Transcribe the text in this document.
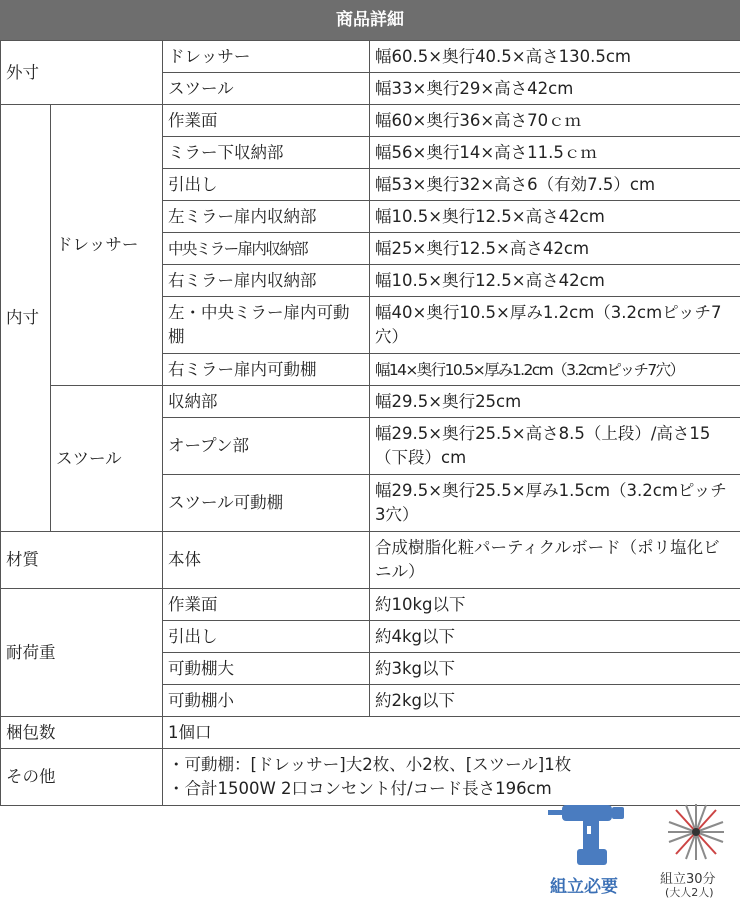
商品詳細
外寸		ドレッサー	幅60.5×奥行40.5×高さ130.5cm
		スツール	幅33×奥行29×高さ42cm
内寸	ドレッサー	作業面	幅60×奥行36×高さ70ｃｍ
		ミラー下収納部	幅56×奥行14×高さ11.5ｃｍ
		引出し	幅53×奥行32×高さ6（有効7.5）cm
		左ミラー扉内収納部	幅10.5×奥行12.5×高さ42cm
		中央ミラー扉内収納部	幅25×奥行12.5×高さ42cm
		右ミラー扉内収納部	幅10.5×奥行12.5×高さ42cm
		左・中央ミラー扉内可動棚	幅40×奥行10.5×厚み1.2cm（3.2cmピッチ7穴）
		右ミラー扉内可動棚	幅14×奥行10.5×厚み1.2cm（3.2cmピッチ7穴）
	スツール	収納部	幅29.5×奥行25cm
		オープン部	幅29.5×奥行25.5×高さ8.5（上段）/高さ15（下段）cm
		スツール可動棚	幅29.5×奥行25.5×厚み1.5cm（3.2cmピッチ3穴）
材質		本体	合成樹脂化粧パーティクルボード（ポリ塩化ビニル）
耐荷重		作業面	約10kg以下
		引出し	約4kg以下
		可動棚大	約3kg以下
		可動棚小	約2kg以下
梱包数		1個口	
その他		・可動棚：[ドレッサー]大2枚、小2枚、[スツール]1枚
・合計1500W 2口コンセント付/コード長さ196cm	
組立必要	組立30分
(大人2人)
